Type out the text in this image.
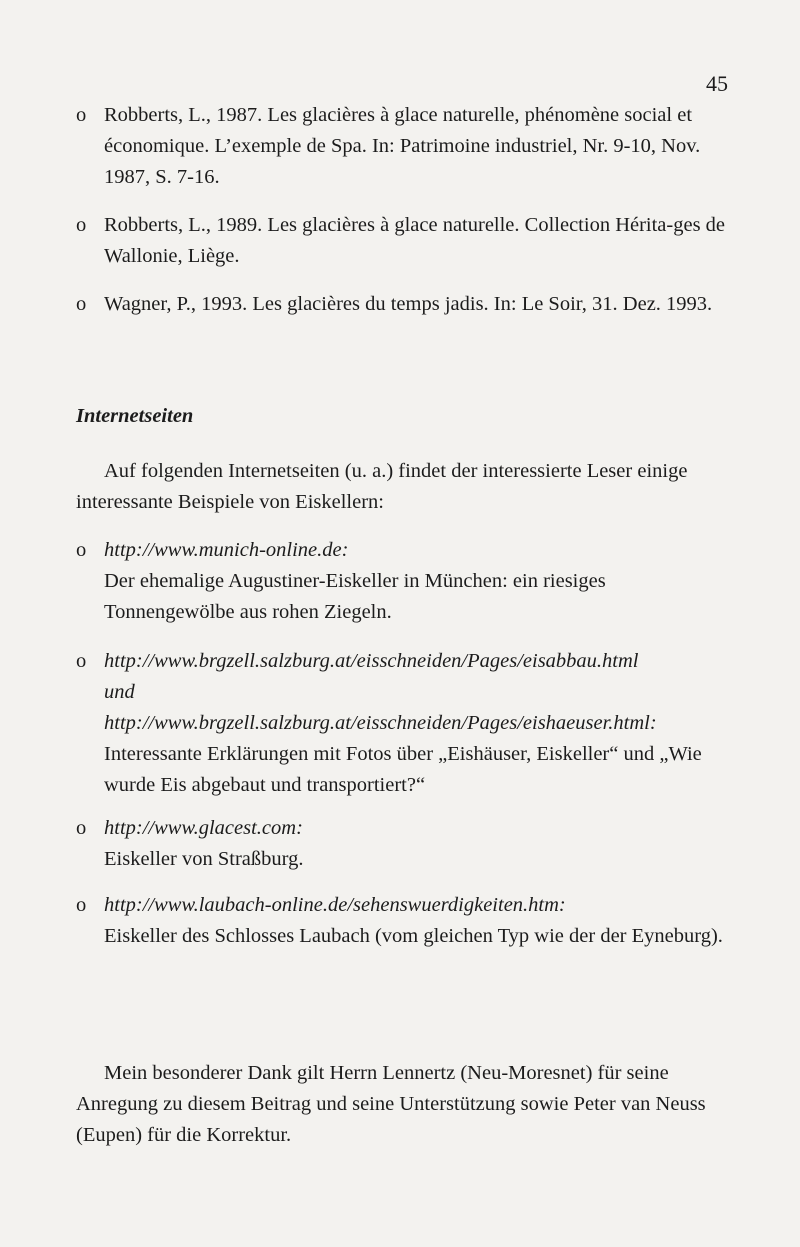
45
o Robberts, L., 1987. Les glacières à glace naturelle, phénomène social et économique. L’exemple de Spa. In: Patrimoine industriel, Nr. 9-10, Nov. 1987, S. 7-16.
o Robberts, L., 1989. Les glacières à glace naturelle. Collection Hérita-ges de Wallonie, Liège.
o Wagner, P., 1993. Les glacières du temps jadis. In: Le Soir, 31. Dez. 1993.
Internetseiten
Auf folgenden Internetseiten (u. a.) findet der interessierte Leser einige interessante Beispiele von Eiskellern:
o http://www.munich-online.de:
Der ehemalige Augustiner-Eiskeller in München: ein riesiges Tonnengewölbe aus rohen Ziegeln.
o http://www.brgzell.salzburg.at/eisschneiden/Pages/eisabbau.html
und
http://www.brgzell.salzburg.at/eisschneiden/Pages/eishaeuser.html:
Interessante Erklärungen mit Fotos über „Eishäuser, Eiskeller“ und „Wie wurde Eis abgebaut und transportiert?“
o http://www.glacest.com:
Eiskeller von Straßburg.
o http://www.laubach-online.de/sehenswuerdigkeiten.htm:
Eiskeller des Schlosses Laubach (vom gleichen Typ wie der der Eyneburg).
Mein besonderer Dank gilt Herrn Lennertz (Neu-Moresnet) für seine Anregung zu diesem Beitrag und seine Unterstützung sowie Peter van Neuss (Eupen) für die Korrektur.
